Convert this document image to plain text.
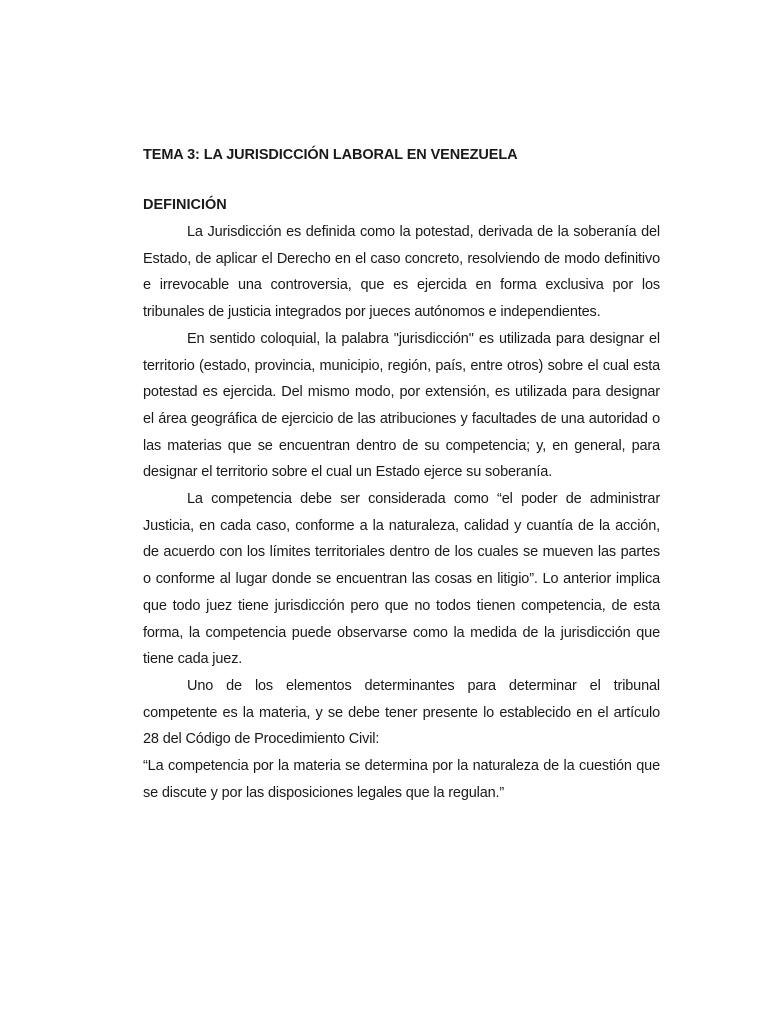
TEMA 3: LA JURISDICCIÓN LABORAL EN VENEZUELA

DEFINICIÓN

La Jurisdicción es definida como la potestad, derivada de la soberanía del Estado, de aplicar el Derecho en el caso concreto, resolviendo de modo definitivo e irrevocable una controversia, que es ejercida en forma exclusiva por los tribunales de justicia integrados por jueces autónomos e independientes.

En sentido coloquial, la palabra "jurisdicción" es utilizada para designar el territorio (estado, provincia, municipio, región, país, entre otros) sobre el cual esta potestad es ejercida. Del mismo modo, por extensión, es utilizada para designar el área geográfica de ejercicio de las atribuciones y facultades de una autoridad o las materias que se encuentran dentro de su competencia; y, en general, para designar el territorio sobre el cual un Estado ejerce su soberanía.

La competencia debe ser considerada como “el poder de administrar Justicia, en cada caso, conforme a la naturaleza, calidad y cuantía de la acción, de acuerdo con los límites territoriales dentro de los cuales se mueven las partes o conforme al lugar donde se encuentran las cosas en litigio”. Lo anterior implica que todo juez tiene jurisdicción pero que no todos tienen competencia, de esta forma, la competencia puede observarse como la medida de la jurisdicción que tiene cada juez.

Uno de los elementos determinantes para determinar el tribunal competente es la materia, y se debe tener presente lo establecido en el artículo 28 del Código de Procedimiento Civil:

“La competencia por la materia se determina por la naturaleza de la cuestión que se discute y por las disposiciones legales que la regulan.”
